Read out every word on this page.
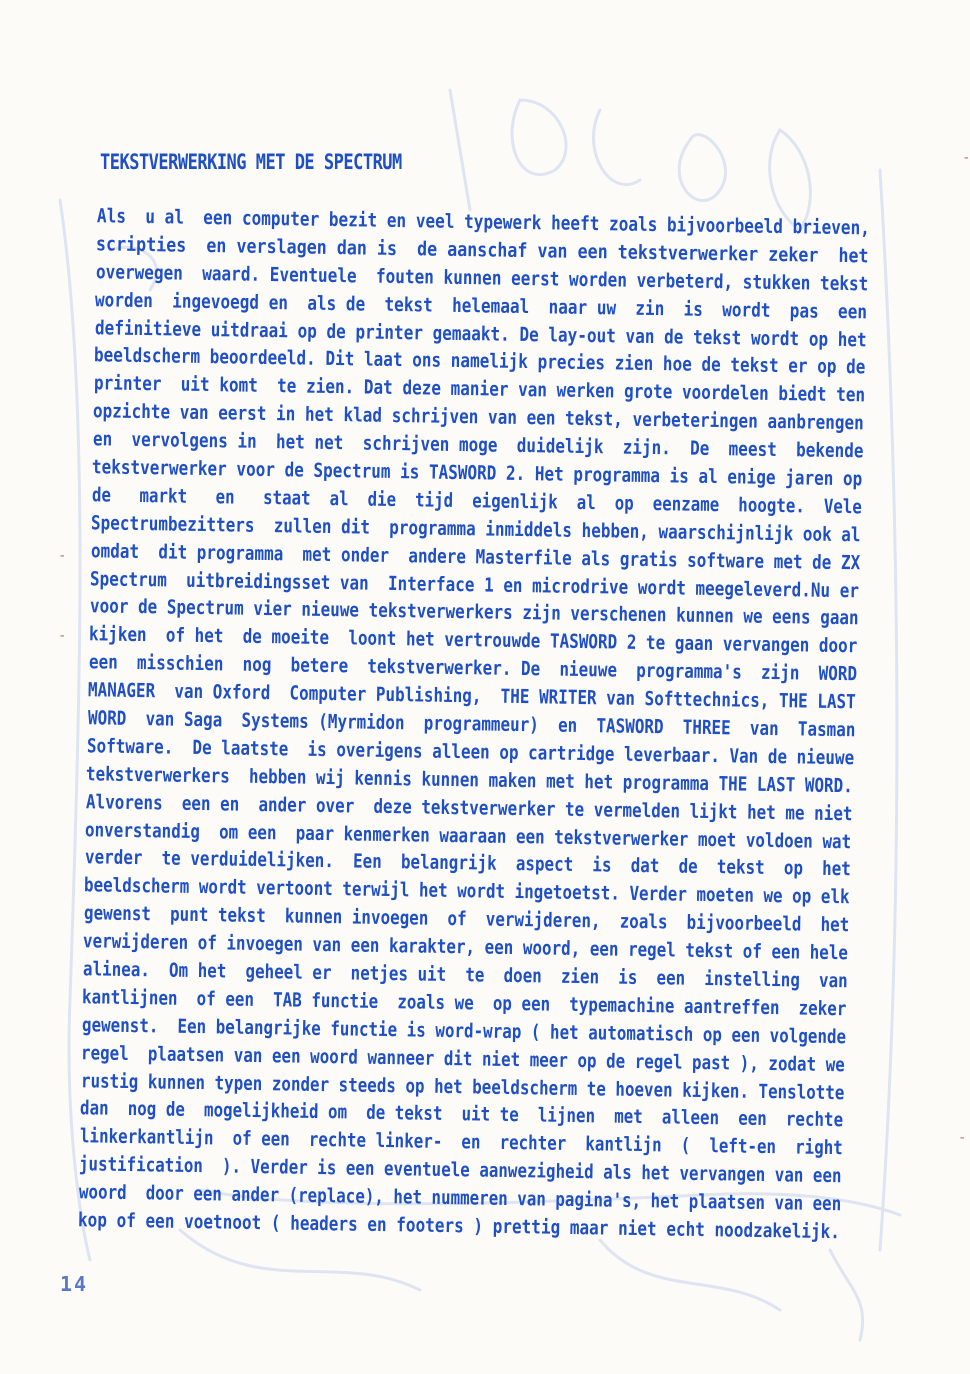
TEKSTVERWERKING MET DE SPECTRUM
Als  u al  een computer bezit en veel typewerk heeft zoals bijvoorbeeld brieven,
scripties  en verslagen dan is  de aanschaf van een tekstverwerker zeker  het
overwegen  waard. Eventuele  fouten kunnen eerst worden verbeterd, stukken tekst
worden  ingevoegd en  als de  tekst  helemaal  naar uw  zin  is  wordt  pas  een
definitieve uitdraai op de printer gemaakt. De lay-out van de tekst wordt op het
beeldscherm beoordeeld. Dit laat ons namelijk precies zien hoe de tekst er op de
printer  uit komt  te zien. Dat deze manier van werken grote voordelen biedt ten
opzichte van eerst in het klad schrijven van een tekst, verbeteringen aanbrengen
en  vervolgens in  het net  schrijven moge  duidelijk  zijn.  De  meest  bekende
tekstverwerker voor de Spectrum is TASWORD 2. Het programma is al enige jaren op
de   markt   en   staat  al  die  tijd  eigenlijk  al  op  eenzame  hoogte.  Vele
Spectrumbezitters  zullen dit  programma inmiddels hebben, waarschijnlijk ook al
omdat  dit programma  met onder  andere Masterfile als gratis software met de ZX
Spectrum  uitbreidingsset van  Interface 1 en microdrive wordt meegeleverd.Nu er
voor de Spectrum vier nieuwe tekstverwerkers zijn verschenen kunnen we eens gaan
kijken  of het  de moeite  loont het vertrouwde TASWORD 2 te gaan vervangen door
een  misschien  nog  betere  tekstverwerker. De  nieuwe  programma's  zijn  WORD
MANAGER  van Oxford  Computer Publishing,  THE WRITER van Softtechnics, THE LAST
WORD  van Saga  Systems (Myrmidon  programmeur)  en  TASWORD  THREE  van  Tasman
Software.  De laatste  is overigens alleen op cartridge leverbaar. Van de nieuwe
tekstverwerkers  hebben wij kennis kunnen maken met het programma THE LAST WORD.
Alvorens  een en  ander over  deze tekstverwerker te vermelden lijkt het me niet
onverstandig  om een  paar kenmerken waaraan een tekstverwerker moet voldoen wat
verder  te verduidelijken.  Een  belangrijk  aspect  is  dat  de  tekst  op  het
beeldscherm wordt vertoont terwijl het wordt ingetoetst. Verder moeten we op elk
gewenst  punt tekst  kunnen invoegen  of  verwijderen,  zoals  bijvoorbeeld  het
verwijderen of invoegen van een karakter, een woord, een regel tekst of een hele
alinea.  Om het  geheel er  netjes uit  te  doen  zien  is  een  instelling  van
kantlijnen  of een  TAB functie  zoals we  op een  typemachine aantreffen  zeker
gewenst.  Een belangrijke functie is word-wrap ( het automatisch op een volgende
regel  plaatsen van een woord wanneer dit niet meer op de regel past ), zodat we
rustig kunnen typen zonder steeds op het beeldscherm te hoeven kijken. Tenslotte
dan  nog de  mogelijkheid om  de tekst  uit te  lijnen  met  alleen  een  rechte
linkerkantlijn  of een  rechte linker-  en  rechter  kantlijn  (  left-en  right
justification  ). Verder is een eventuele aanwezigheid als het vervangen van een
woord  door een ander (replace), het nummeren van pagina's, het plaatsen van een
kop of een voetnoot ( headers en footers ) prettig maar niet echt noodzakelijk.
14
-
-
-
-
